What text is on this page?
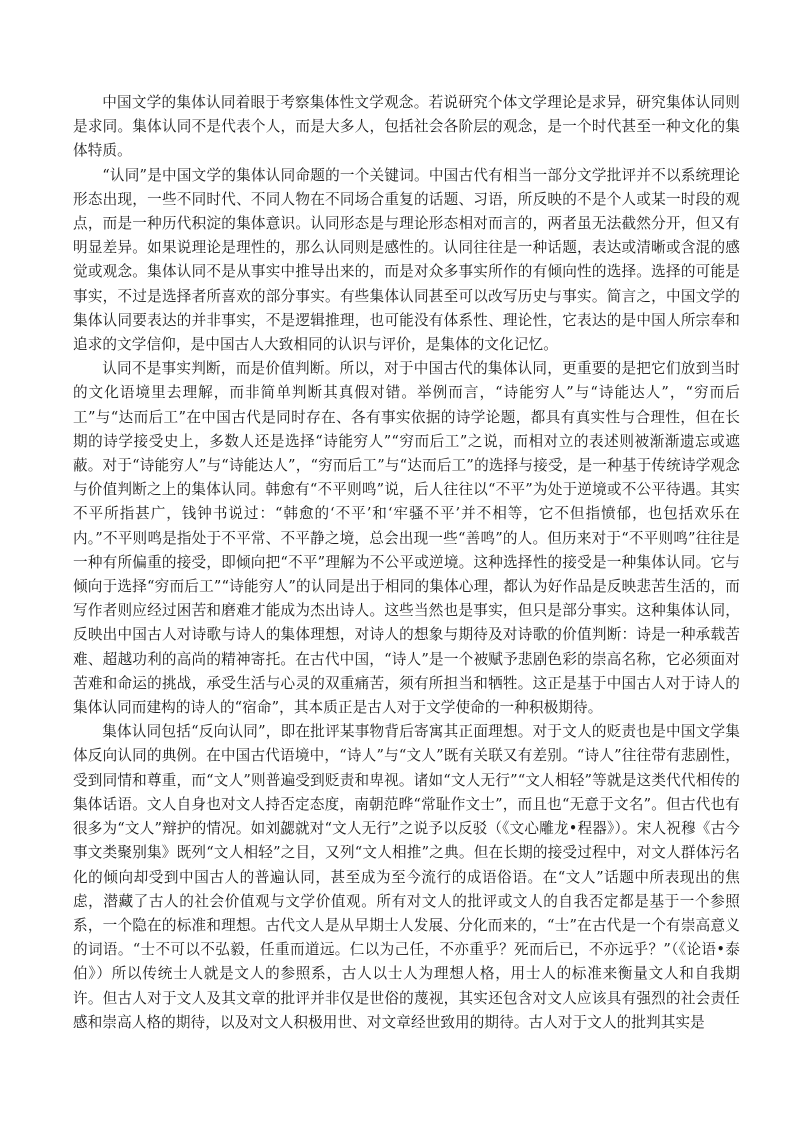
中国文学的集体认同着眼于考察集体性文学观念。若说研究个体文学理论是求异，研究集体认同则是求同。集体认同不是代表个人，而是大多人，包括社会各阶层的观念，是一个时代甚至一种文化的集体特质。

“认同”是中国文学的集体认同命题的一个关键词。中国古代有相当一部分文学批评并不以系统理论形态出现，一些不同时代、不同人物在不同场合重复的话题、习语，所反映的不是个人或某一时段的观点，而是一种历代积淀的集体意识。认同形态是与理论形态相对而言的，两者虽无法截然分开，但又有明显差异。如果说理论是理性的，那么认同则是感性的。认同往往是一种话题，表达或清晰或含混的感觉或观念。集体认同不是从事实中推导出来的，而是对众多事实所作的有倾向性的选择。选择的可能是事实，不过是选择者所喜欢的部分事实。有些集体认同甚至可以改写历史与事实。简言之，中国文学的集体认同要表达的并非事实，不是逻辑推理，也可能没有体系性、理论性，它表达的是中国人所宗奉和追求的文学信仰，是中国古人大致相同的认识与评价，是集体的文化记忆。

认同不是事实判断，而是价值判断。所以，对于中国古代的集体认同，更重要的是把它们放到当时的文化语境里去理解，而非简单判断其真假对错。举例而言，“诗能穷人”与“诗能达人”，“穷而后工”与“达而后工”在中国古代是同时存在、各有事实依据的诗学论题，都具有真实性与合理性，但在长期的诗学接受史上，多数人还是选择“诗能穷人”“穷而后工”之说，而相对立的表述则被渐渐遗忘或遮蔽。对于“诗能穷人”与“诗能达人”，“穷而后工”与“达而后工”的选择与接受，是一种基于传统诗学观念与价值判断之上的集体认同。韩愈有“不平则鸣”说，后人往往以“不平”为处于逆境或不公平待遇。其实不平所指甚广，钱钟书说过：“韩愈的‘不平’和‘牢骚不平’并不相等，它不但指愤郁，也包括欢乐在内。”不平则鸣是指处于不平常、不平静之境，总会出现一些“善鸣”的人。但历来对于“不平则鸣”往往是一种有所偏重的接受，即倾向把“不平”理解为不公平或逆境。这种选择性的接受是一种集体认同。它与倾向于选择“穷而后工”“诗能穷人”的认同是出于相同的集体心理，都认为好作品是反映悲苦生活的，而写作者则应经过困苦和磨难才能成为杰出诗人。这些当然也是事实，但只是部分事实。这种集体认同，反映出中国古人对诗歌与诗人的集体理想，对诗人的想象与期待及对诗歌的价值判断：诗是一种承载苦难、超越功利的高尚的精神寄托。在古代中国，“诗人”是一个被赋予悲剧色彩的崇高名称，它必须面对苦难和命运的挑战，承受生活与心灵的双重痛苦，须有所担当和牺牲。这正是基于中国古人对于诗人的集体认同而建构的诗人的“宿命”，其本质正是古人对于文学使命的一种积极期待。

集体认同包括“反向认同”，即在批评某事物背后寄寓其正面理想。对于文人的贬责也是中国文学集体反向认同的典例。在中国古代语境中，“诗人”与“文人”既有关联又有差别。“诗人”往往带有悲剧性，受到同情和尊重，而“文人”则普遍受到贬责和卑视。诸如“文人无行”“文人相轻”等就是这类代代相传的集体话语。文人自身也对文人持否定态度，南朝范晔“常耻作文士”，而且也“无意于文名”。但古代也有很多为“文人”辩护的情况。如刘勰就对“文人无行”之说予以反驳（《文心雕龙•程器》）。宋人祝穆《古今事文类聚别集》既列“文人相轻”之目，又列“文人相推”之典。但在长期的接受过程中，对文人群体污名化的倾向却受到中国古人的普遍认同，甚至成为至今流行的成语俗语。在“文人”话题中所表现出的焦虑，潜藏了古人的社会价值观与文学价值观。所有对文人的批评或文人的自我否定都是基于一个参照系，一个隐在的标准和理想。古代文人是从早期士人发展、分化而来的，“士”在古代是一个有崇高意义的词语。“士不可以不弘毅，任重而道远。仁以为己任，不亦重乎？死而后已，不亦远乎？”（《论语•泰伯》）所以传统士人就是文人的参照系，古人以士人为理想人格，用士人的标准来衡量文人和自我期许。但古人对于文人及其文章的批评并非仅是世俗的蔑视，其实还包含对文人应该具有强烈的社会责任感和崇高人格的期待，以及对文人积极用世、对文章经世致用的期待。古人对于文人的批判其实是
